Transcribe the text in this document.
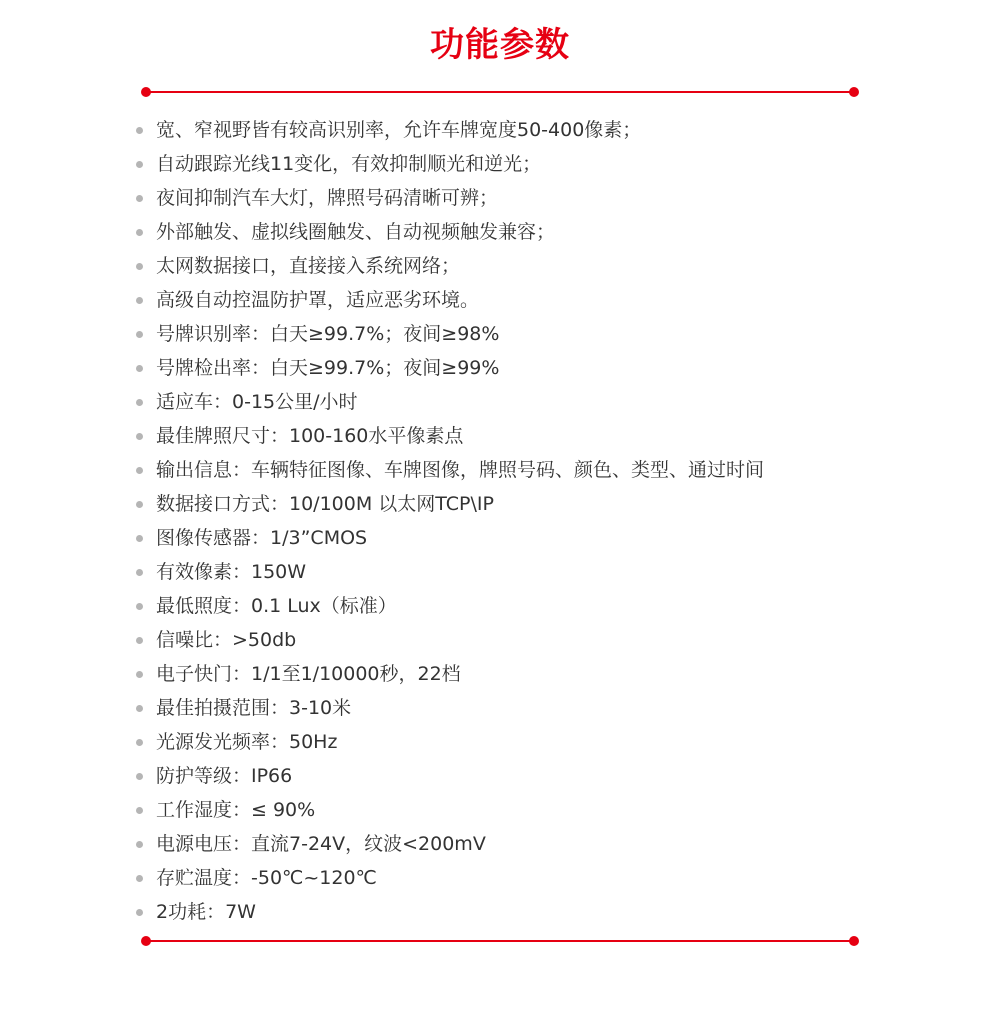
功能参数
宽、窄视野皆有较高识别率，允许车牌宽度50-400像素；
自动跟踪光线11变化，有效抑制顺光和逆光；
夜间抑制汽车大灯，牌照号码清晰可辨；
外部触发、虚拟线圈触发、自动视频触发兼容；
太网数据接口，直接接入系统网络；
高级自动控温防护罩，适应恶劣环境。
号牌识别率：白天≥99.7%；夜间≥98%
号牌检出率：白天≥99.7%；夜间≥99%
适应车：0-15公里/小时
最佳牌照尺寸：100-160水平像素点
输出信息：车辆特征图像、车牌图像，牌照号码、颜色、类型、通过时间
数据接口方式：10/100M 以太网TCP\IP
图像传感器：1/3”CMOS
有效像素：150W
最低照度：0.1 Lux（标准）
信噪比：>50db
电子快门：1/1至1/10000秒，22档
最佳拍摄范围：3-10米
光源发光频率：50Hz
防护等级：IP66
工作湿度：≤ 90%
电源电压：直流7-24V，纹波<200mV
存贮温度：-50℃~120℃
2功耗：7W
